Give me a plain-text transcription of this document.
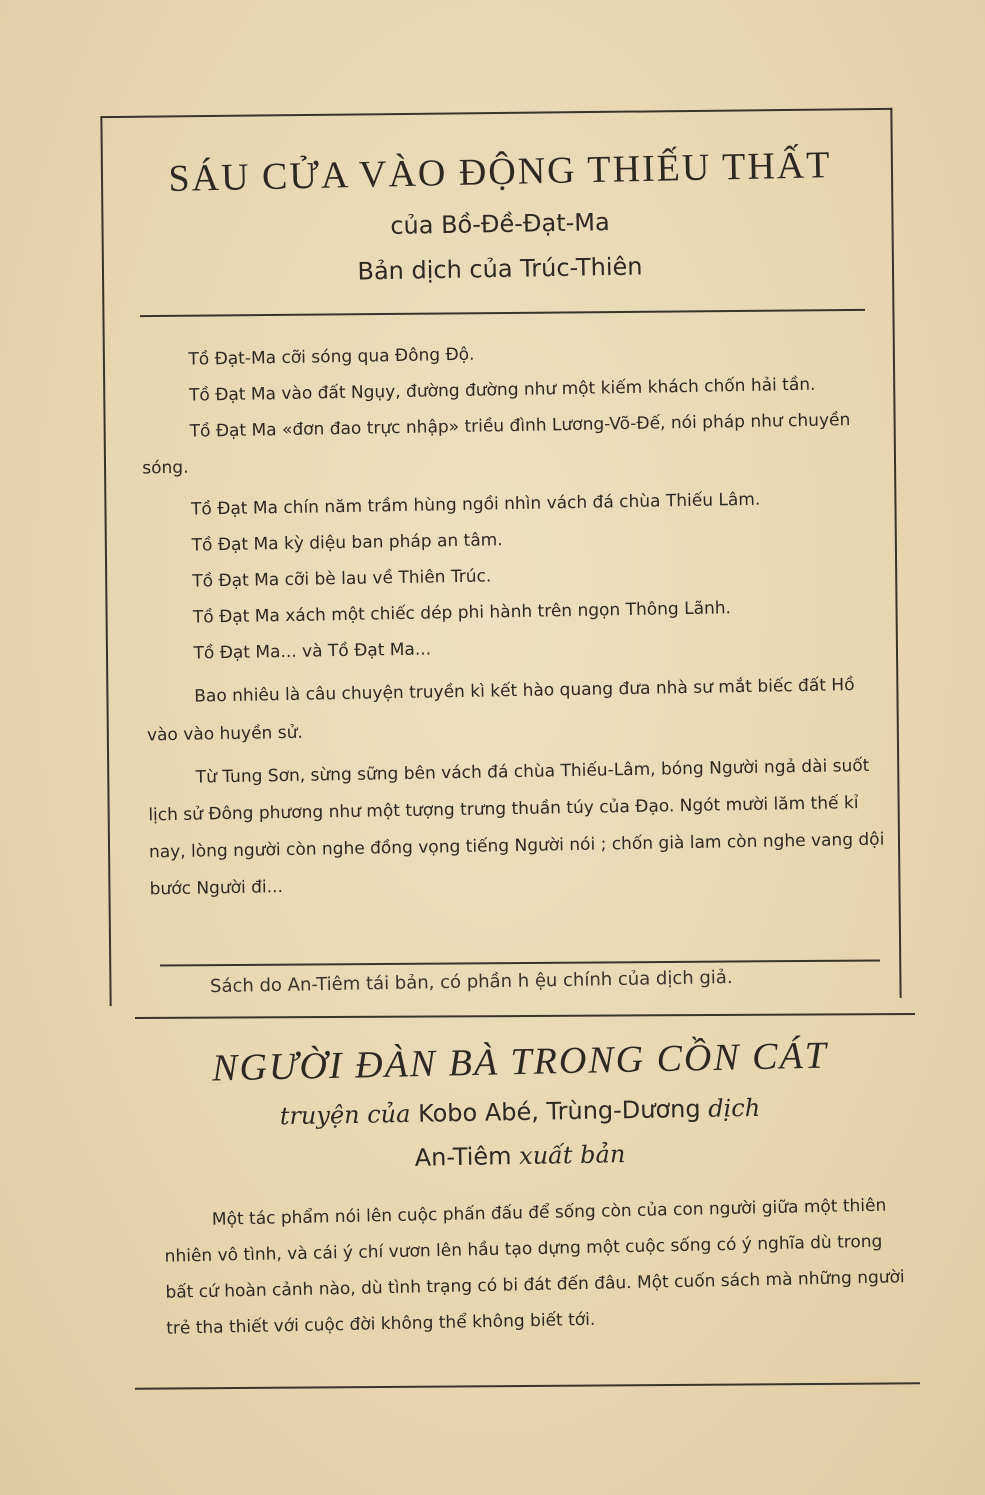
SÁU CỬA VÀO ĐỘNG THIẾU THẤT
của Bồ-Đề-Đạt-Ma
Bản dịch của Trúc-Thiên

Tồ Đạt-Ma cỡi sóng qua Đông Độ.

Tồ Đạt Ma vào đất Ngụy, đường đường như một kiếm khách chốn hải tần.

Tồ Đạt Ma «đơn đao trực nhập» triều đình Lương-Võ-Đế, nói pháp như chuyền sóng.

Tồ Đạt Ma chín năm trầm hùng ngồi nhìn vách đá chùa Thiếu Lâm.

Tồ Đạt Ma kỳ diệu ban pháp an tâm.

Tồ Đạt Ma cỡi bè lau về Thiên Trúc.

Tồ Đạt Ma xách một chiếc dép phi hành trên ngọn Thông Lãnh.

Tồ Đạt Ma... và Tồ Đạt Ma...

Bao nhiêu là câu chuyện truyền kì kết hào quang đưa nhà sư mắt biếc đất Hồ vào vào huyền sử.

Từ Tung Sơn, sừng sững bên vách đá chùa Thiếu-Lâm, bóng Người ngả dài suốt lịch sử Đông phương như một tượng trưng thuần túy của Đạo. Ngót mười lăm thế kỉ nay, lòng người còn nghe đồng vọng tiếng Người nói ; chốn già lam còn nghe vang dội bước Người đi...

Sách do An-Tiêm tái bản, có phần h ệu chính của dịch giả.
NGƯỜI ĐÀN BÀ TRONG CỒN CÁT
truyện của Kobo Abé, Trùng-Dương dịch
An-Tiêm xuất bản

Một tác phẩm nói lên cuộc phấn đấu để sống còn của con người giữa một thiên nhiên vô tình, và cái ý chí vươn lên hầu tạo dựng một cuộc sống có ý nghĩa dù trong bất cứ hoàn cảnh nào, dù tình trạng có bi đát đến đâu. Một cuốn sách mà những người trẻ tha thiết với cuộc đời không thể không biết tới.
